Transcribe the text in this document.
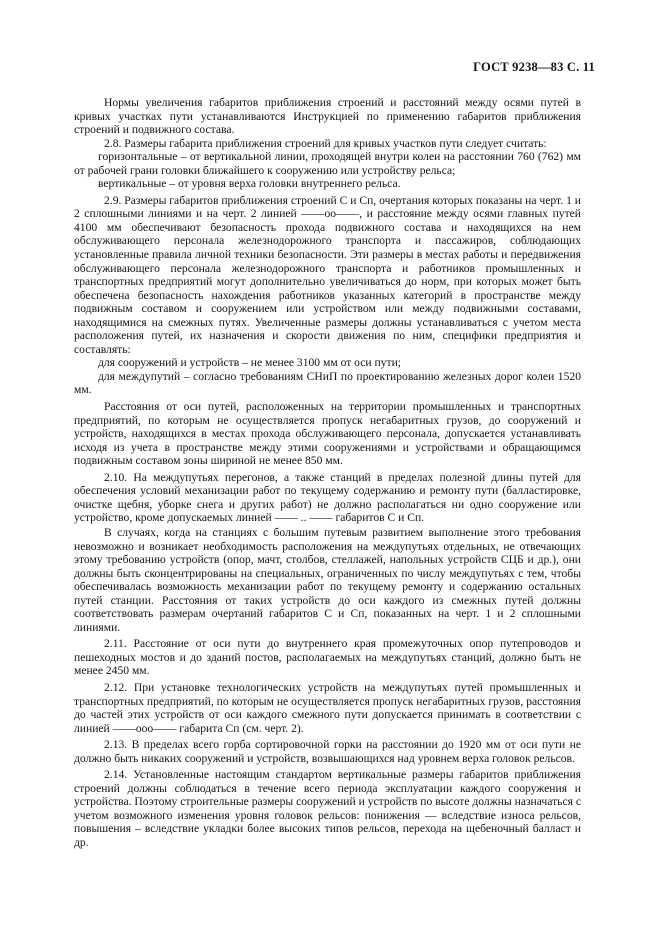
ГОСТ 9238—83 С. 11

Нормы увеличения габаритов приближения строений и расстояний между осями путей в кривых участках пути устанавливаются Инструкцией по применению габаритов приближения строений и подвижного состава.

2.8. Размеры габарита приближения строений для кривых участков пути следует считать:

горизонтальные – от вертикальной линии, проходящей внутри колеи на расстоянии 760 (762) мм от рабочей грани головки ближайшего к сооружению или устройству рельса;

вертикальные – от уровня верха головки внутреннего рельса.

2.9. Размеры габаритов приближения строений С и Сп, очертания которых показаны на черт. 1 и 2 сплошными линиями и на черт. 2 линией ——оо——, и расстояние между осями главных путей 4100 мм обеспечивают безопасность прохода подвижного состава и находящихся на нем обслуживающего персонала железнодорожного транспорта и пассажиров, соблюдающих установленные правила личной техники безопасности. Эти размеры в местах работы и передвижения обслуживающего персонала железнодорожного транспорта и работников промышленных и транспортных предприятий могут дополнительно увеличиваться до норм, при которых может быть обеспечена безопасность нахождения работников указанных категорий в пространстве между подвижным составом и сооружением или устройством или между подвижными составами, находящимися на смежных путях. Увеличенные размеры должны устанавливаться с учетом места расположения путей, их назначения и скорости движения по ним, специфики предприятия и составлять:

для сооружений и устройств – не менее 3100 мм от оси пути;

для междупутий – согласно требованиям СНиП по проектированию железных дорог колеи 1520 мм.

Расстояния от оси путей, расположенных на территории промышленных и транспортных предприятий, по которым не осуществляется пропуск негабаритных грузов, до сооружений и устройств, находящихся в местах прохода обслуживающего персонала, допускается устанавливать исходя из учета в пространстве между этими сооружениями и устройствами и обращающимся подвижным составом зоны шириной не менее 850 мм.

2.10. На междупутьях перегонов, а также станций в пределах полезной длины путей для обеспечения условий механизации работ по текущему содержанию и ремонту пути (балластировке, очистке щебня, уборке снега и других работ) не должно располагаться ни одно сооружение или устройство, кроме допускаемых линией —— .. —— габаритов С и Сп.

В случаях, когда на станциях с большим путевым развитием выполнение этого требования невозможно и возникает необходимость расположения на междупутьях отдельных, не отвечающих этому требованию устройств (опор, мачт, столбов, стеллажей, напольных устройств СЦБ и др.), они должны быть сконцентрированы на специальных, ограниченных по числу междупутьях с тем, чтобы обеспечивалась возможность механизации работ по текущему ремонту и содержанию остальных путей станции. Расстояния от таких устройств до оси каждого из смежных путей должны соответствовать размерам очертаний габаритов С и Сп, показанных на черт. 1 и 2 сплошными линиями.

2.11. Расстояние от оси пути до внутреннего края промежуточных опор путепроводов и пешеходных мостов и до зданий постов, располагаемых на междупутьях станций, должно быть не менее 2450 мм.

2.12. При установке технологических устройств на междупутьях путей промышленных и транспортных предприятий, по которым не осуществляется пропуск негабаритных грузов, расстояния до частей этих устройств от оси каждого смежного пути допускается принимать в соответствии с линией ——ооо—— габарита Сп (см. черт. 2).

2.13. В пределах всего горба сортировочной горки на расстоянии до 1920 мм от оси пути не должно быть никаких сооружений и устройств, возвышающихся над уровнем верха головок рельсов.

2.14. Установленные настоящим стандартом вертикальные размеры габаритов приближения строений должны соблюдаться в течение всего периода эксплуатации каждого сооружения и устройства. Поэтому строительные размеры сооружений и устройств по высоте должны назначаться с учетом возможного изменения уровня головок рельсов: понижения — вследствие износа рельсов, повышения – вследствие укладки более высоких типов рельсов, перехода на щебеночный балласт и др.
